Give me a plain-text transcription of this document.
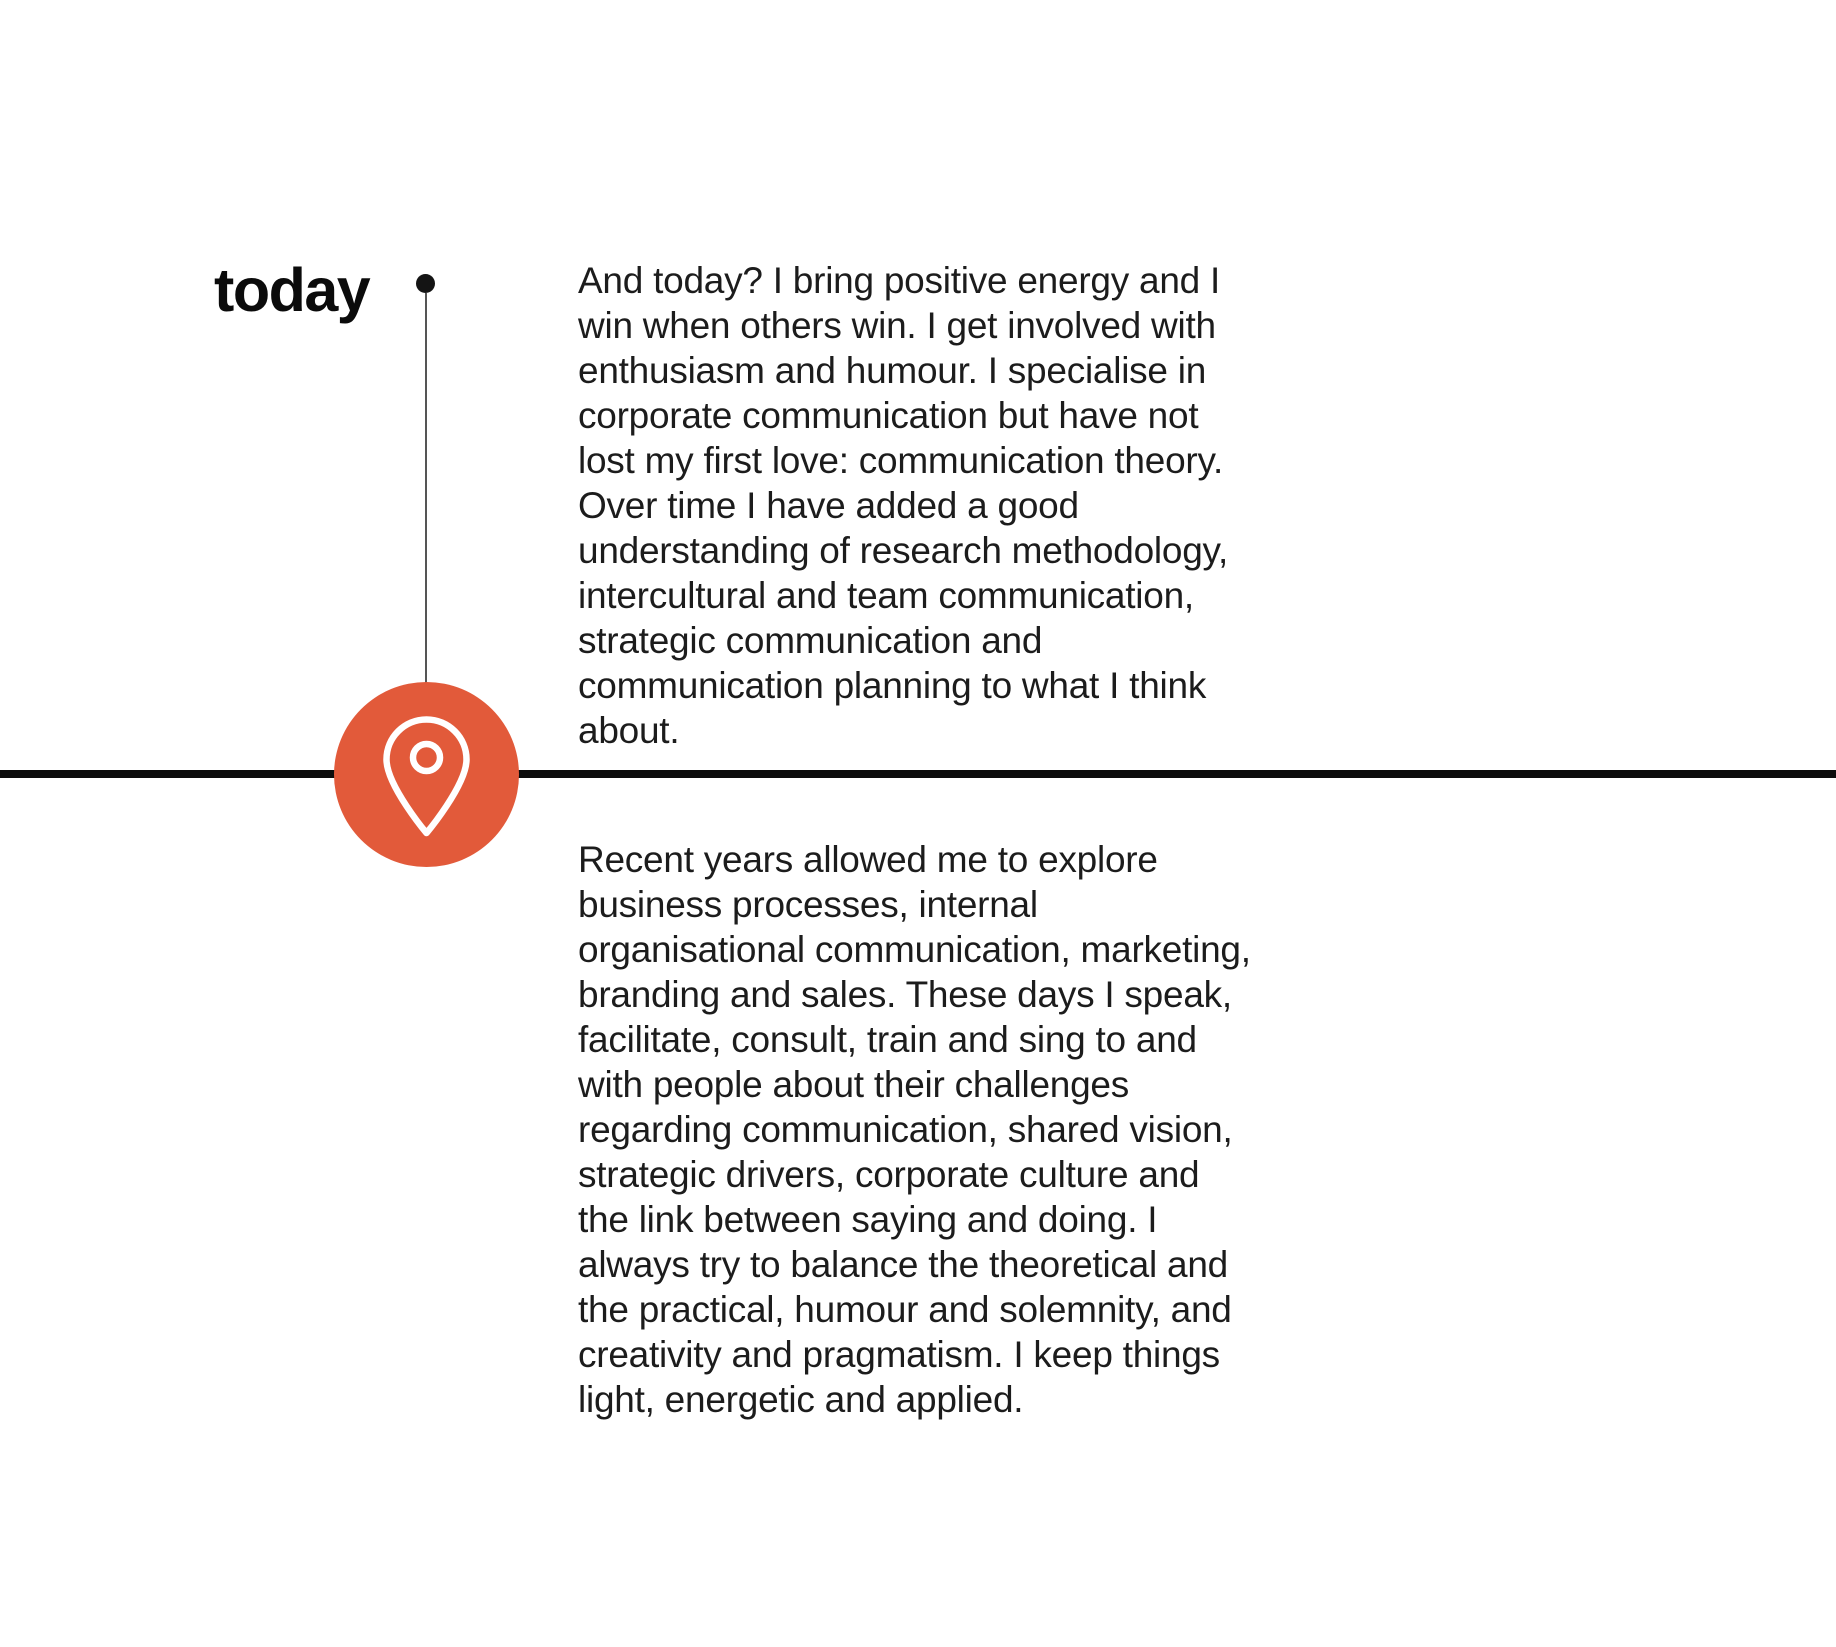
today	And today? I bring positive energy and I
win when others win. I get involved with
enthusiasm and humour. I specialise in
corporate communication but have not
lost my first love: communication theory.
Over time I have added a good
understanding of research methodology,
intercultural and team communication,
strategic communication and
communication planning to what I think
about.
Recent years allowed me to explore
business processes, internal
organisational communication, marketing,
branding and sales. These days I speak,
facilitate, consult, train and sing to and
with people about their challenges
regarding communication, shared vision,
strategic drivers, corporate culture and
the link between saying and doing. I
always try to balance the theoretical and
the practical, humour and solemnity, and
creativity and pragmatism. I keep things
light, energetic and applied.
